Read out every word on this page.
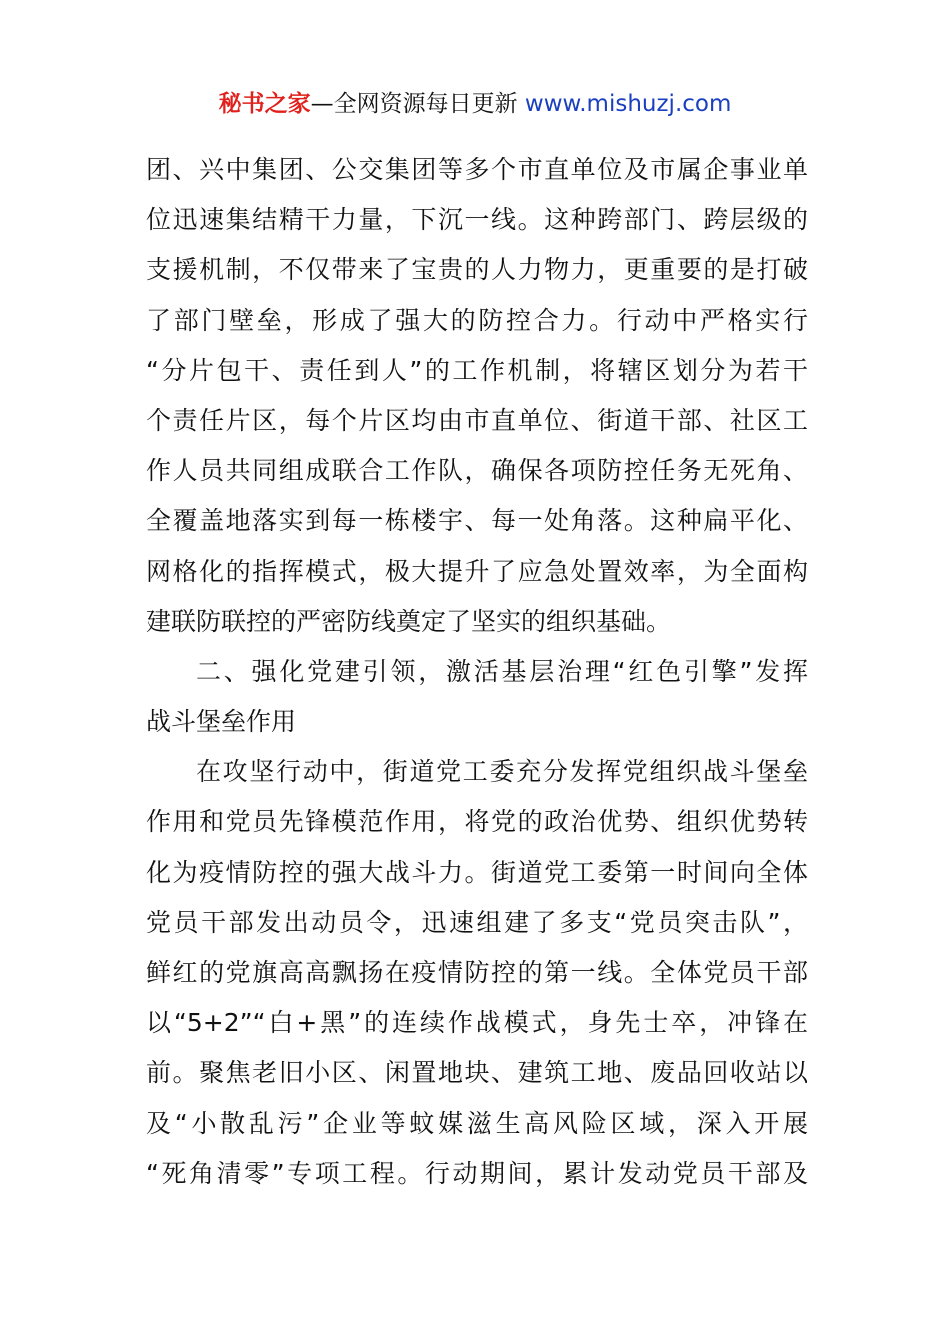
秘书之家—全网资源每日更新 www.mishuzj.com
团、兴中集团、公交集团等多个市直单位及市属企事业单
位迅速集结精干力量，下沉一线。这种跨部门、跨层级的
支援机制，不仅带来了宝贵的人力物力，更重要的是打破
了部门壁垒，形成了强大的防控合力。行动中严格实行
“分片包干、责任到人”的工作机制，将辖区划分为若干
个责任片区，每个片区均由市直单位、街道干部、社区工
作人员共同组成联合工作队，确保各项防控任务无死角、
全覆盖地落实到每一栋楼宇、每一处角落。这种扁平化、
网格化的指挥模式，极大提升了应急处置效率，为全面构
建联防联控的严密防线奠定了坚实的组织基础。
二、强化党建引领，激活基层治理“红色引擎”发挥
战斗堡垒作用
在攻坚行动中，街道党工委充分发挥党组织战斗堡垒
作用和党员先锋模范作用，将党的政治优势、组织优势转
化为疫情防控的强大战斗力。街道党工委第一时间向全体
党员干部发出动员令，迅速组建了多支“党员突击队”，
鲜红的党旗高高飘扬在疫情防控的第一线。全体党员干部
以“5+2”“白+黑”的连续作战模式，身先士卒，冲锋在
前。聚焦老旧小区、闲置地块、建筑工地、废品回收站以
及“小散乱污”企业等蚊媒滋生高风险区域，深入开展
“死角清零”专项工程。行动期间，累计发动党员干部及
